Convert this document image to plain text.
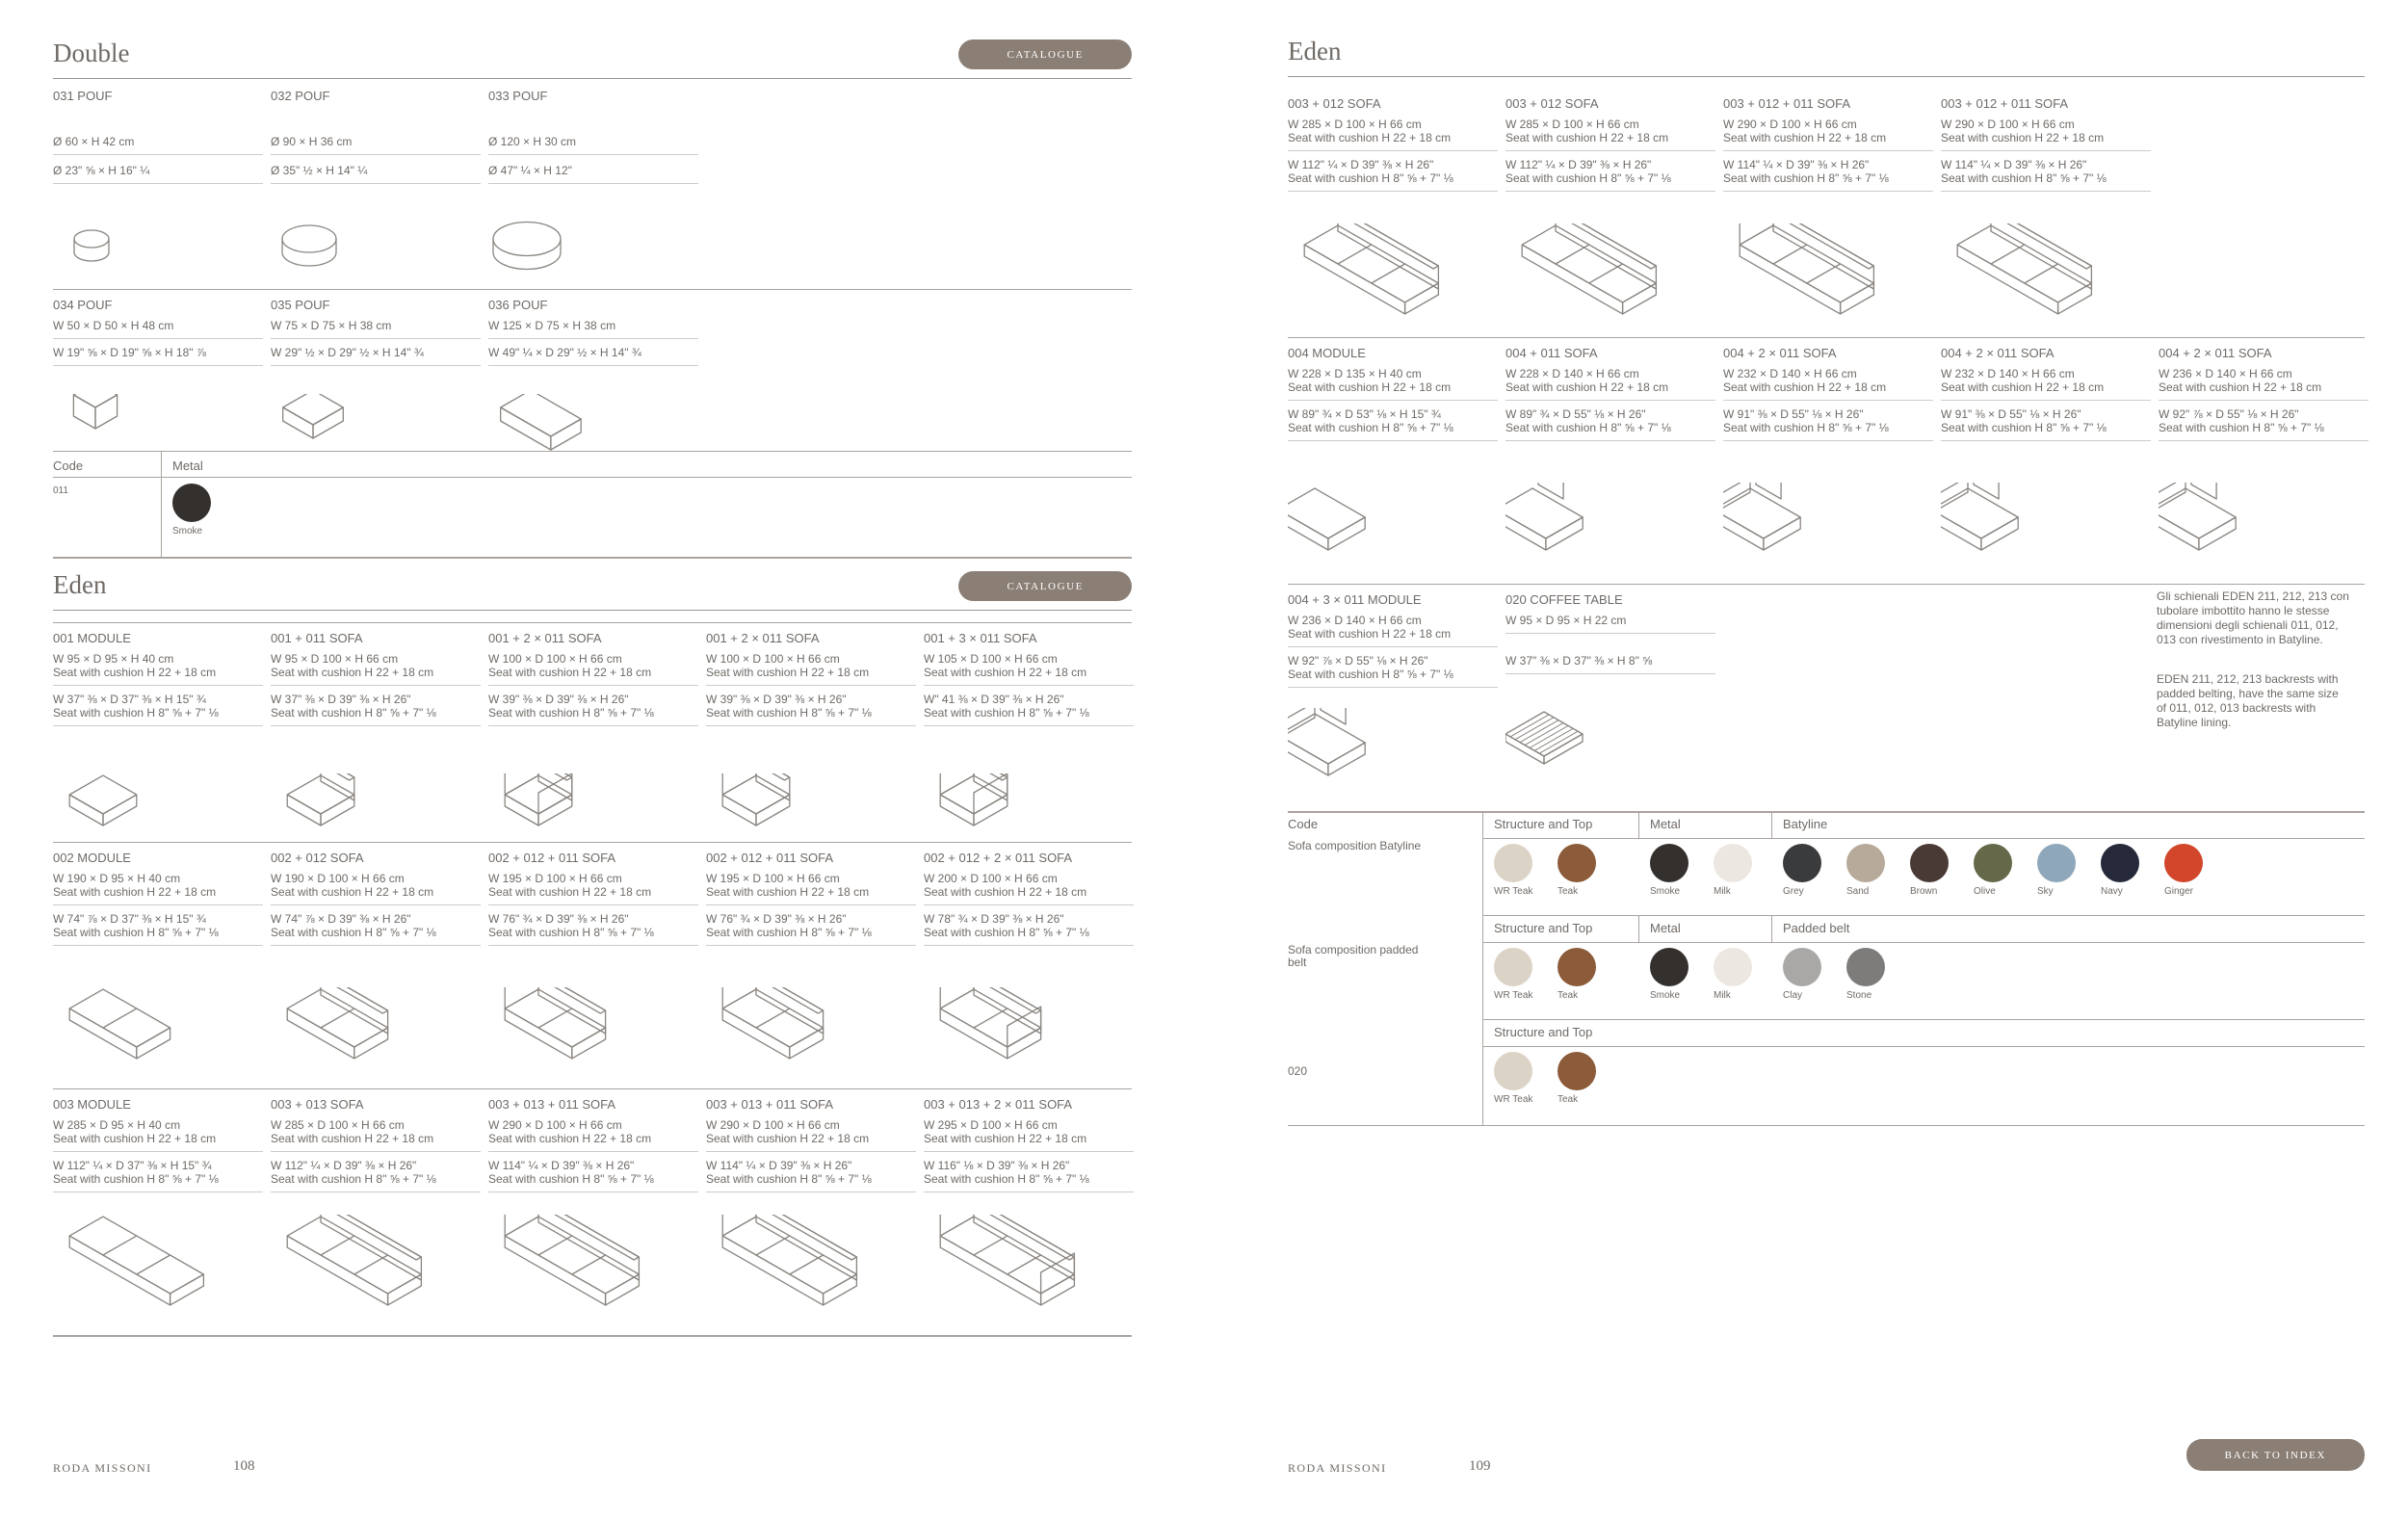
Double	CATALOGUE
031 POUF
Ø 60 × H 42 cm
Ø 23" ⅝ × H 16" ¼
032 POUF
Ø 90 × H 36 cm
Ø 35" ½ × H 14" ¼
033 POUF
Ø 120 × H 30 cm
Ø 47" ¼ × H 12"
034 POUF
W 50 × D 50 × H 48 cm
W 19" ⅝ × D 19" ⅝ × H 18" ⅞
035 POUF
W 75 × D 75 × H 38 cm
W 29" ½ × D 29" ½ × H 14" ¾
036 POUF
W 125 × D 75 × H 38 cm
W 49" ¼ × D 29" ½ × H 14" ¾
Code	Metal
011
Smoke
Eden	CATALOGUE
001 MODULE
W 95 × D 95 × H 40 cm
Seat with cushion H 22 + 18 cm
W 37" ⅜ × D 37" ⅜ × H 15" ¾
Seat with cushion H 8" ⅝ + 7" ⅛
001 + 011 SOFA
W 95 × D 100 × H 66 cm
Seat with cushion H 22 + 18 cm
W 37" ⅜ × D 39" ⅜ × H 26"
Seat with cushion H 8" ⅝ + 7" ⅛
001 + 2 × 011 SOFA
W 100 × D 100 × H 66 cm
Seat with cushion H 22 + 18 cm
W 39" ⅜ × D 39" ⅜ × H 26"
Seat with cushion H 8" ⅝ + 7" ⅛
001 + 2 × 011 SOFA
W 100 × D 100 × H 66 cm
Seat with cushion H 22 + 18 cm
W 39" ⅜ × D 39" ⅜ × H 26"
Seat with cushion H 8" ⅝ + 7" ⅛
001 + 3 × 011 SOFA
W 105 × D 100 × H 66 cm
Seat with cushion H 22 + 18 cm
W" 41 ⅜ × D 39" ⅜ × H 26"
Seat with cushion H 8" ⅝ + 7" ⅛
002 MODULE
W 190 × D 95 × H 40 cm
Seat with cushion H 22 + 18 cm
W 74" ⅞ × D 37" ⅜ × H 15" ¾
Seat with cushion H 8" ⅝ + 7" ⅛
002 + 012 SOFA
W 190 × D 100 × H 66 cm
Seat with cushion H 22 + 18 cm
W 74" ⅞ × D 39" ⅜ × H 26"
Seat with cushion H 8" ⅝ + 7" ⅛
002 + 012 + 011 SOFA
W 195 × D 100 × H 66 cm
Seat with cushion H 22 + 18 cm
W 76" ¾ × D 39" ⅜ × H 26"
Seat with cushion H 8" ⅝ + 7" ⅛
002 + 012 + 011 SOFA
W 195 × D 100 × H 66 cm
Seat with cushion H 22 + 18 cm
W 76" ¾ × D 39" ⅜ × H 26"
Seat with cushion H 8" ⅝ + 7" ⅛
002 + 012 + 2 × 011 SOFA
W 200 × D 100 × H 66 cm
Seat with cushion H 22 + 18 cm
W 78" ¾ × D 39" ⅜ × H 26"
Seat with cushion H 8" ⅝ + 7" ⅛
003 MODULE
W 285 × D 95 × H 40 cm
Seat with cushion H 22 + 18 cm
W 112" ¼ × D 37" ⅜ × H 15" ¾
Seat with cushion H 8" ⅝ + 7" ⅛
003 + 013 SOFA
W 285 × D 100 × H 66 cm
Seat with cushion H 22 + 18 cm
W 112" ¼ × D 39" ⅜ × H 26"
Seat with cushion H 8" ⅝ + 7" ⅛
003 + 013 + 011 SOFA
W 290 × D 100 × H 66 cm
Seat with cushion H 22 + 18 cm
W 114" ¼ × D 39" ⅜ × H 26"
Seat with cushion H 8" ⅝ + 7" ⅛
003 + 013 + 011 SOFA
W 290 × D 100 × H 66 cm
Seat with cushion H 22 + 18 cm
W 114" ¼ × D 39" ⅜ × H 26"
Seat with cushion H 8" ⅝ + 7" ⅛
003 + 013 + 2 × 011 SOFA
W 295 × D 100 × H 66 cm
Seat with cushion H 22 + 18 cm
W 116" ⅛ × D 39" ⅜ × H 26"
Seat with cushion H 8" ⅝ + 7" ⅛
RODA MISSONI	108
Eden
003 + 012 SOFA
W 285 × D 100 × H 66 cm
Seat with cushion H 22 + 18 cm
W 112" ¼ × D 39" ⅜ × H 26"
Seat with cushion H 8" ⅝ + 7" ⅛
003 + 012 SOFA
W 285 × D 100 × H 66 cm
Seat with cushion H 22 + 18 cm
W 112" ¼ × D 39" ⅜ × H 26"
Seat with cushion H 8" ⅝ + 7" ⅛
003 + 012 + 011 SOFA
W 290 × D 100 × H 66 cm
Seat with cushion H 22 + 18 cm
W 114" ¼ × D 39" ⅜ × H 26"
Seat with cushion H 8" ⅝ + 7" ⅛
003 + 012 + 011 SOFA
W 290 × D 100 × H 66 cm
Seat with cushion H 22 + 18 cm
W 114" ¼ × D 39" ⅜ × H 26"
Seat with cushion H 8" ⅝ + 7" ⅛
004 MODULE
W 228 × D 135 × H 40 cm
Seat with cushion H 22 + 18 cm
W 89" ¾ × D 53" ⅛ × H 15" ¾
Seat with cushion H 8" ⅝ + 7" ⅛
004 + 011 SOFA
W 228 × D 140 × H 66 cm
Seat with cushion H 22 + 18 cm
W 89" ¾ × D 55" ⅛ × H 26"
Seat with cushion H 8" ⅝ + 7" ⅛
004 + 2 × 011 SOFA
W 232 × D 140 × H 66 cm
Seat with cushion H 22 + 18 cm
W 91" ⅜ × D 55" ⅛ × H 26"
Seat with cushion H 8" ⅝ + 7" ⅛
004 + 2 × 011 SOFA
W 232 × D 140 × H 66 cm
Seat with cushion H 22 + 18 cm
W 91" ⅜ × D 55" ⅛ × H 26"
Seat with cushion H 8" ⅝ + 7" ⅛
004 + 2 × 011 SOFA
W 236 × D 140 × H 66 cm
Seat with cushion H 22 + 18 cm
W 92" ⅞ × D 55" ⅛ × H 26"
Seat with cushion H 8" ⅝ + 7" ⅛
004 + 3 × 011 MODULE
W 236 × D 140 × H 66 cm
Seat with cushion H 22 + 18 cm
W 92" ⅞ × D 55" ⅛ × H 26"
Seat with cushion H 8" ⅝ + 7" ⅛
020 COFFEE TABLE
W 95 × D 95 × H 22 cm
W 37" ⅜ × D 37" ⅜ × H 8" ⅝
Gli schienali EDEN 211, 212, 213 con tubolare imbottito hanno le stesse dimensioni degli schienali 011, 012, 013 con rivestimento in Batyline.
EDEN 211, 212, 213 backrests with padded belting, have the same size of 011, 012, 013 backrests with Batyline lining.
Code
Sofa composition Batyline
Structure and Top
WR Teak	Teak
Metal
Smoke	Milk
Batyline
Grey	Sand	Brown	Olive	Sky	Navy	Ginger
Sofa composition padded belt
Structure and Top
WR Teak	Teak
Metal
Smoke	Milk
Padded belt
Clay	Stone
020
Structure and Top
WR Teak	Teak
RODA MISSONI	109
BACK TO INDEX
